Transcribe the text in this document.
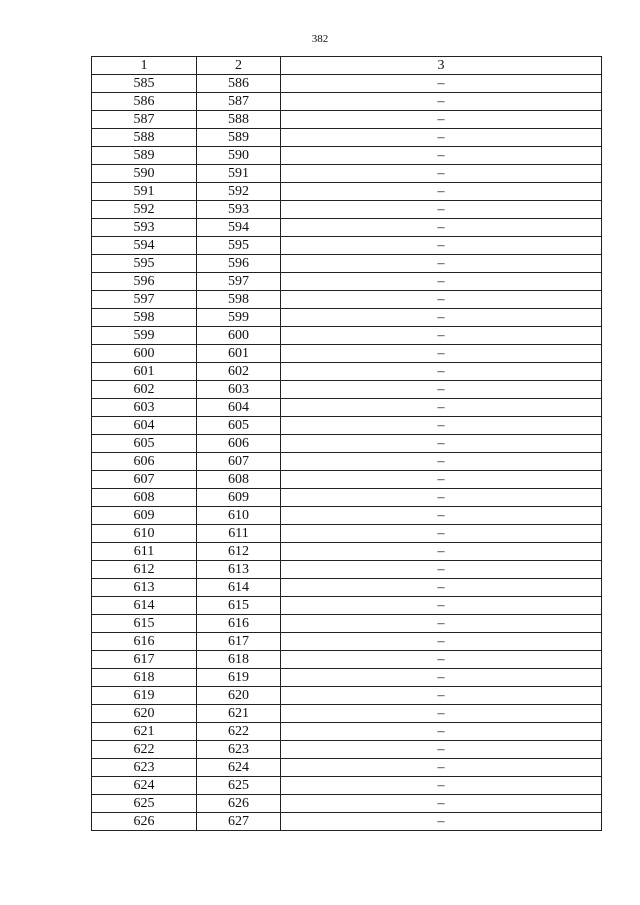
382
1	2	3
585	586	–
586	587	–
587	588	–
588	589	–
589	590	–
590	591	–
591	592	–
592	593	–
593	594	–
594	595	–
595	596	–
596	597	–
597	598	–
598	599	–
599	600	–
600	601	–
601	602	–
602	603	–
603	604	–
604	605	–
605	606	–
606	607	–
607	608	–
608	609	–
609	610	–
610	611	–
611	612	–
612	613	–
613	614	–
614	615	–
615	616	–
616	617	–
617	618	–
618	619	–
619	620	–
620	621	–
621	622	–
622	623	–
623	624	–
624	625	–
625	626	–
626	627	–
